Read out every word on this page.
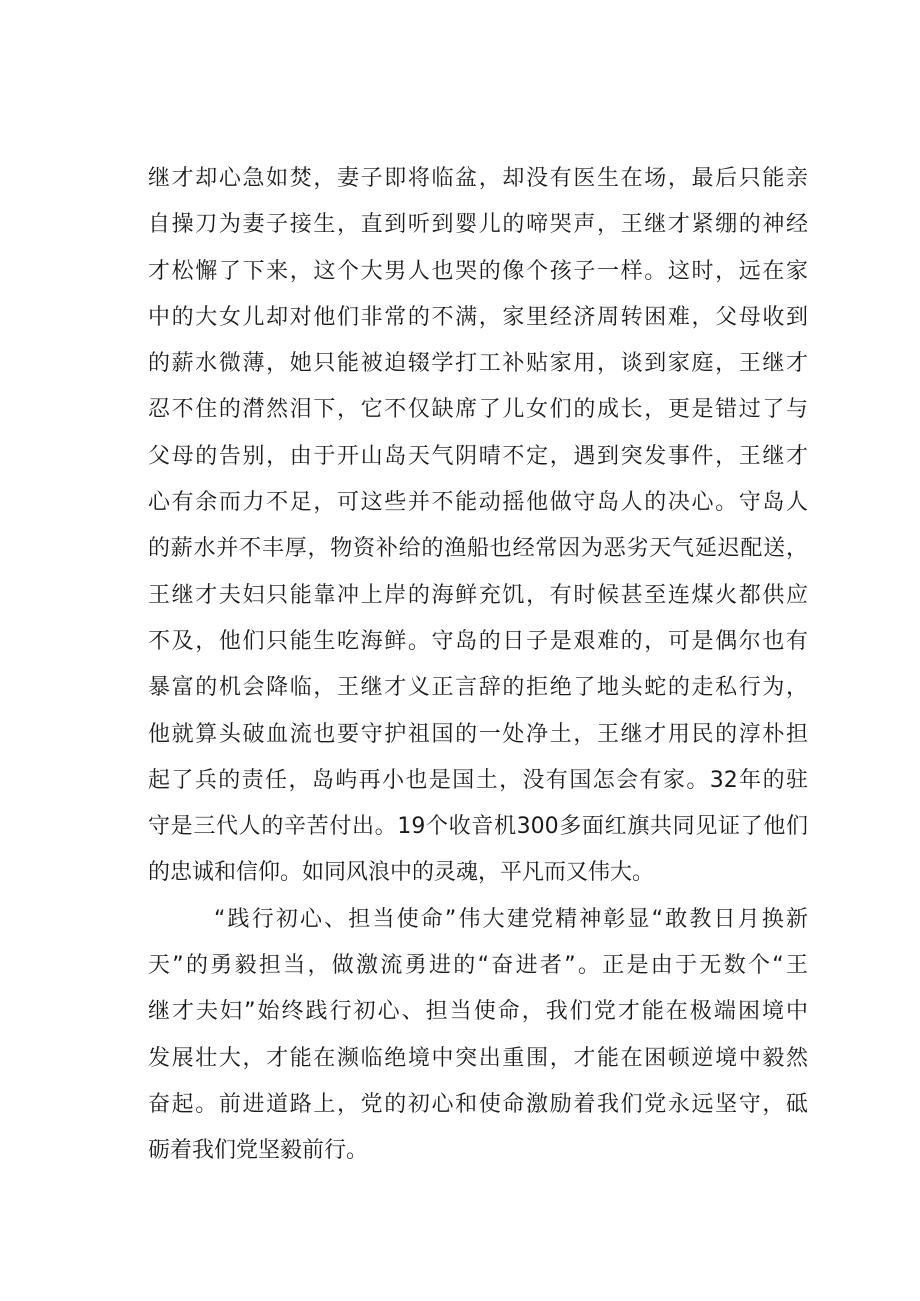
继才却心急如焚，妻子即将临盆，却没有医生在场，最后只能亲
自操刀为妻子接生，直到听到婴儿的啼哭声，王继才紧绷的神经
才松懈了下来，这个大男人也哭的像个孩子一样。这时，远在家
中的大女儿却对他们非常的不满，家里经济周转困难，父母收到
的薪水微薄，她只能被迫辍学打工补贴家用，谈到家庭，王继才
忍不住的潸然泪下，它不仅缺席了儿女们的成长，更是错过了与
父母的告别，由于开山岛天气阴晴不定，遇到突发事件，王继才
心有余而力不足，可这些并不能动摇他做守岛人的决心。守岛人
的薪水并不丰厚，物资补给的渔船也经常因为恶劣天气延迟配送，
王继才夫妇只能靠冲上岸的海鲜充饥，有时候甚至连煤火都供应
不及，他们只能生吃海鲜。守岛的日子是艰难的，可是偶尔也有
暴富的机会降临，王继才义正言辞的拒绝了地头蛇的走私行为，
他就算头破血流也要守护祖国的一处净土，王继才用民的淳朴担
起了兵的责任，岛屿再小也是国土，没有国怎会有家。32年的驻
守是三代人的辛苦付出。19个收音机300多面红旗共同见证了他们
的忠诚和信仰。如同风浪中的灵魂，平凡而又伟大。
“践行初心、担当使命”伟大建党精神彰显“敢教日月换新
天”的勇毅担当，做激流勇进的“奋进者”。正是由于无数个“王
继才夫妇”始终践行初心、担当使命，我们党才能在极端困境中
发展壮大，才能在濒临绝境中突出重围，才能在困顿逆境中毅然
奋起。前进道路上，党的初心和使命激励着我们党永远坚守，砥
砺着我们党坚毅前行。
